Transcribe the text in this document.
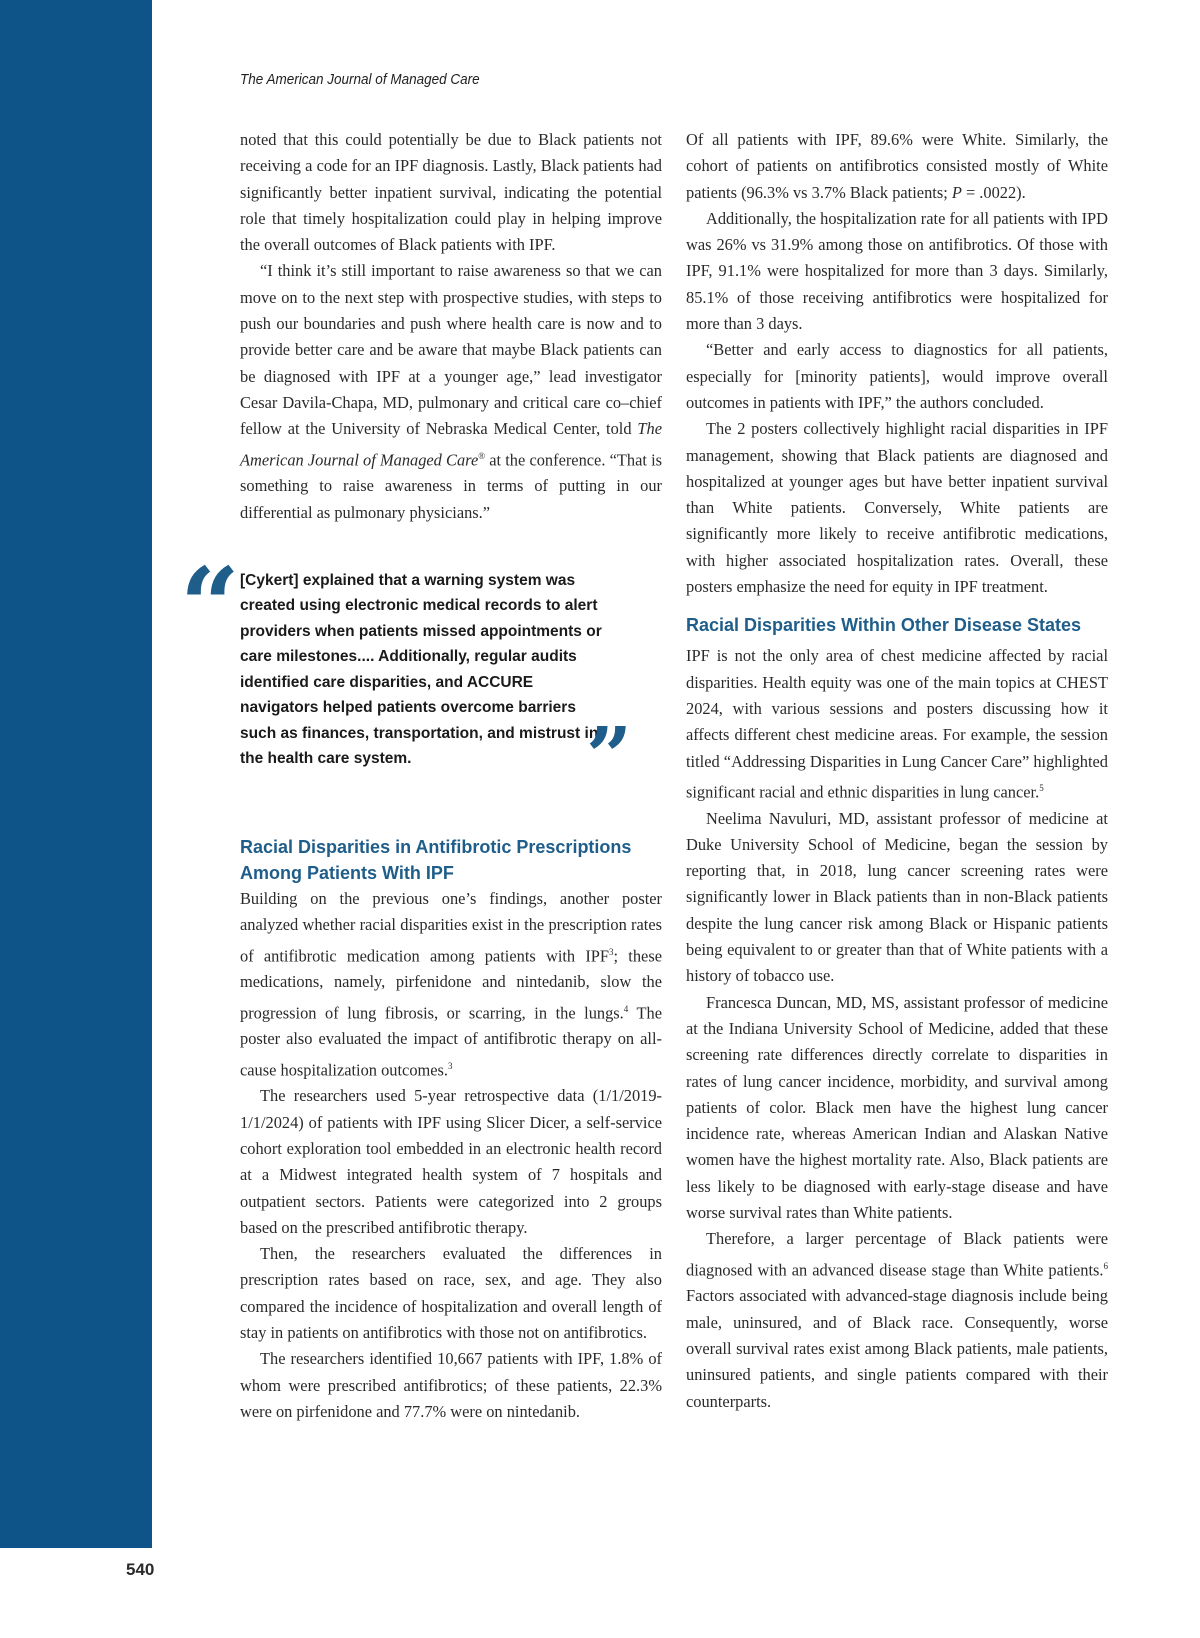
540
The American Journal of Managed Care

noted that this could potentially be due to Black patients not receiving a code for an IPF diagnosis. Lastly, Black patients had significantly better inpatient survival, indicating the potential role that timely hospitalization could play in helping improve the overall outcomes of Black patients with IPF.

“I think it’s still important to raise awareness so that we can move on to the next step with prospective studies, with steps to push our boundaries and push where health care is now and to provide better care and be aware that maybe Black patients can be diagnosed with IPF at a younger age,” lead investigator Cesar Davila-Chapa, MD, pulmonary and critical care co–chief fellow at the University of Nebraska Medical Center, told The American Journal of Managed Care® at the conference. “That is something to raise awareness in terms of putting in our differential as pulmonary physicians.”

“ [Cykert] explained that a warning system was created using electronic medical records to alert providers when patients missed appointments or care milestones.... Additionally, regular audits identified care disparities, and ACCURE navigators helped patients overcome barriers such as finances, transportation, and mistrust in the health care system.	”
Racial Disparities in Antifibrotic Prescriptions Among Patients With IPF

Building on the previous one’s findings, another poster analyzed whether racial disparities exist in the prescription rates of antifibrotic medication among patients with IPF$^3$; these medications, namely, pirfenidone and nintedanib, slow the progression of lung fibrosis, or scarring, in the lungs.$^4$ The poster also evaluated the impact of antifibrotic therapy on all-cause hospitalization outcomes.$^3$

The researchers used 5-year retrospective data (1/1/2019-1/1/2024) of patients with IPF using Slicer Dicer, a self-service cohort exploration tool embedded in an electronic health record at a Midwest integrated health system of 7 hospitals and outpatient sectors. Patients were categorized into 2 groups based on the prescribed antifibrotic therapy.

Then, the researchers evaluated the differences in prescription rates based on race, sex, and age. They also compared the incidence of hospitalization and overall length of stay in patients on antifibrotics with those not on antifibrotics.

The researchers identified 10,667 patients with IPF, 1.8% of whom were prescribed antifibrotics; of these patients, 22.3% were on pirfenidone and 77.7% were on nintedanib.

Of all patients with IPF, 89.6% were White. Similarly, the cohort of patients on antifibrotics consisted mostly of White patients (96.3% vs 3.7% Black patients; P = .0022).

Additionally, the hospitalization rate for all patients with IPD was 26% vs 31.9% among those on antifibrotics. Of those with IPF, 91.1% were hospitalized for more than 3 days. Similarly, 85.1% of those receiving antifibrotics were hospitalized for more than 3 days.

“Better and early access to diagnostics for all patients, especially for [minority patients], would improve overall outcomes in patients with IPF,” the authors concluded.

The 2 posters collectively highlight racial disparities in IPF management, showing that Black patients are diagnosed and hospitalized at younger ages but have better inpatient survival than White patients. Conversely, White patients are significantly more likely to receive antifibrotic medications, with higher associated hospitalization rates. Overall, these posters emphasize the need for equity in IPF treatment.

Racial Disparities Within Other Disease States

IPF is not the only area of chest medicine affected by racial disparities. Health equity was one of the main topics at CHEST 2024, with various sessions and posters discussing how it affects different chest medicine areas. For example, the session titled “Addressing Disparities in Lung Cancer Care” highlighted significant racial and ethnic disparities in lung cancer.$^5$

Neelima Navuluri, MD, assistant professor of medicine at Duke University School of Medicine, began the session by reporting that, in 2018, lung cancer screening rates were significantly lower in Black patients than in non-Black patients despite the lung cancer risk among Black or Hispanic patients being equivalent to or greater than that of White patients with a history of tobacco use.

Francesca Duncan, MD, MS, assistant professor of medicine at the Indiana University School of Medicine, added that these screening rate differences directly correlate to disparities in rates of lung cancer incidence, morbidity, and survival among patients of color. Black men have the highest lung cancer incidence rate, whereas American Indian and Alaskan Native women have the highest mortality rate. Also, Black patients are less likely to be diagnosed with early-stage disease and have worse survival rates than White patients.

Therefore, a larger percentage of Black patients were diagnosed with an advanced disease stage than White patients.$^6$ Factors associated with advanced-stage diagnosis include being male, uninsured, and of Black race. Consequently, worse overall survival rates exist among Black patients, male patients, uninsured patients, and single patients compared with their counterparts.
